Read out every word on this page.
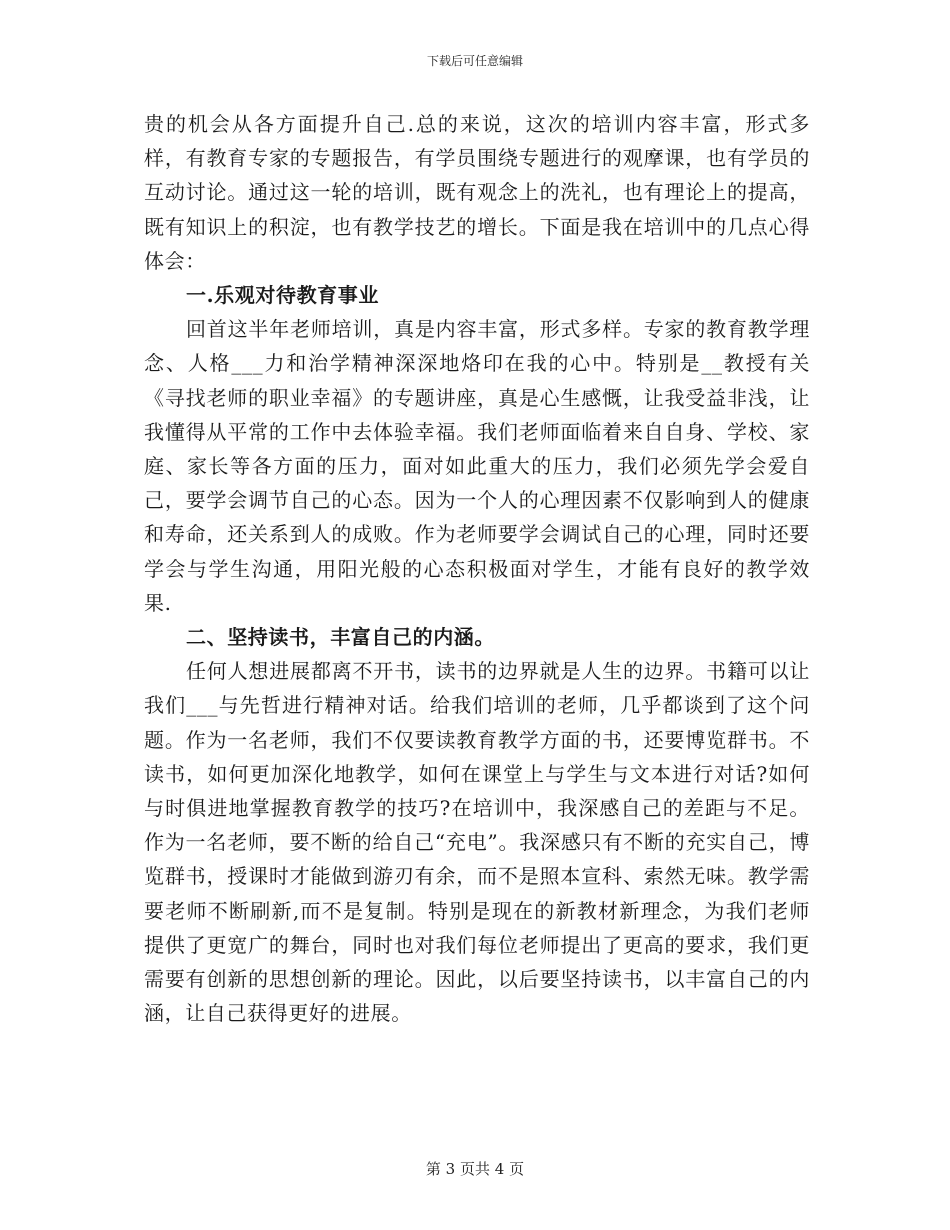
下载后可任意编辑

贵的机会从各方面提升自己.总的来说，这次的培训内容丰富，形式多样，有教育专家的专题报告，有学员围绕专题进行的观摩课，也有学员的互动讨论。通过这一轮的培训，既有观念上的洗礼，也有理论上的提高，既有知识上的积淀，也有教学技艺的增长。下面是我在培训中的几点心得体会：

一.乐观对待教育事业

回首这半年老师培训，真是内容丰富，形式多样。专家的教育教学理念、人格___力和治学精神深深地烙印在我的心中。特别是__教授有关《寻找老师的职业幸福》的专题讲座，真是心生感慨，让我受益非浅，让我懂得从平常的工作中去体验幸福。我们老师面临着来自自身、学校、家庭、家长等各方面的压力，面对如此重大的压力，我们必须先学会爱自己，要学会调节自己的心态。因为一个人的心理因素不仅影响到人的健康和寿命，还关系到人的成败。作为老师要学会调试自己的心理，同时还要学会与学生沟通，用阳光般的心态积极面对学生，才能有良好的教学效果.

二、坚持读书，丰富自己的内涵。

任何人想进展都离不开书，读书的边界就是人生的边界。书籍可以让我们___与先哲进行精神对话。给我们培训的老师，几乎都谈到了这个问题。作为一名老师，我们不仅要读教育教学方面的书，还要博览群书。不读书，如何更加深化地教学，如何在课堂上与学生与文本进行对话?如何与时俱进地掌握教育教学的技巧?在培训中，我深感自己的差距与不足。作为一名老师，要不断的给自己“充电”。我深感只有不断的充实自己，博览群书，授课时才能做到游刃有余，而不是照本宣科、索然无味。教学需要老师不断刷新,而不是复制。特别是现在的新教材新理念，为我们老师提供了更宽广的舞台，同时也对我们每位老师提出了更高的要求，我们更需要有创新的思想创新的理论。因此，以后要坚持读书，以丰富自己的内涵，让自己获得更好的进展。

第 3 页共 4 页
